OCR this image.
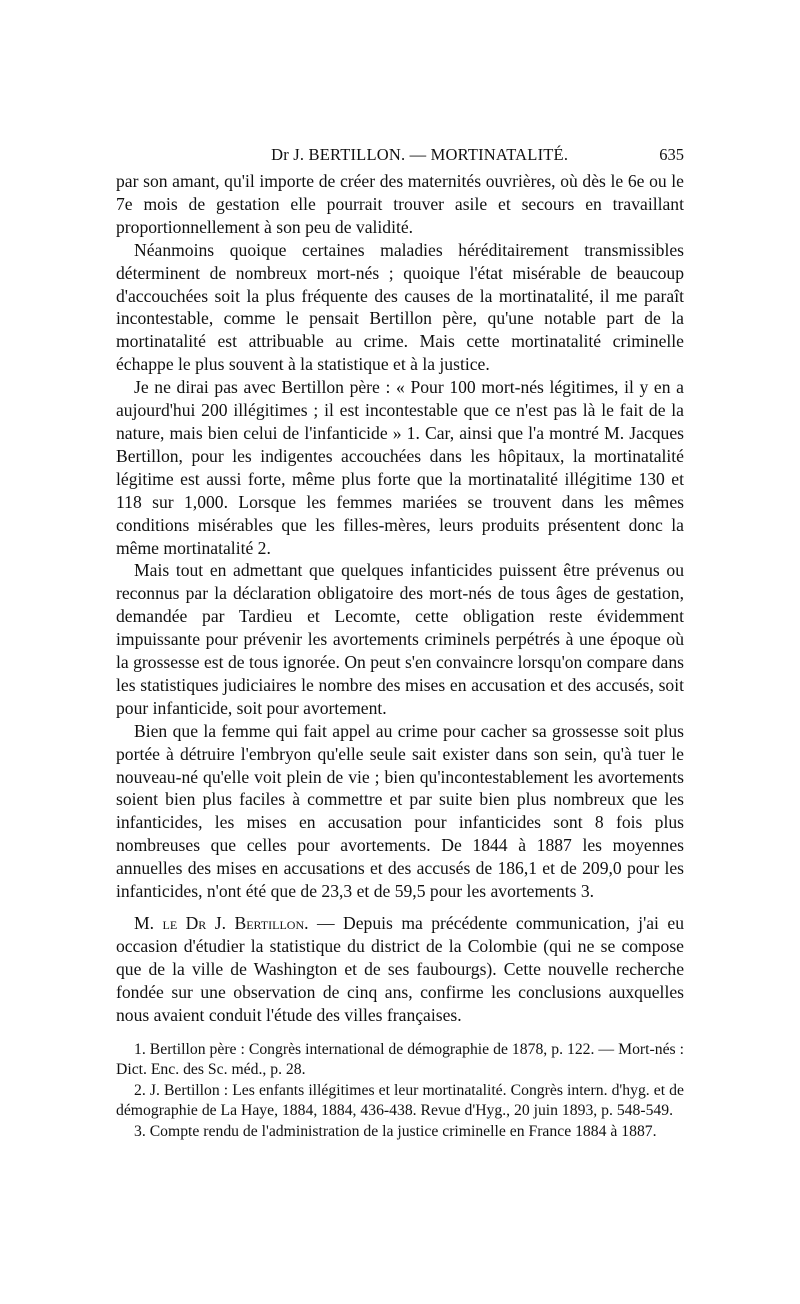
Dr J. BERTILLON. — MORTINATALITÉ.	635

par son amant, qu'il importe de créer des maternités ouvrières, où dès le 6e ou le 7e mois de gestation elle pourrait trouver asile et secours en travaillant proportionnellement à son peu de validité.

Néanmoins quoique certaines maladies héréditairement transmissibles déterminent de nombreux mort-nés ; quoique l'état misérable de beaucoup d'accouchées soit la plus fréquente des causes de la mortinatalité, il me paraît incontestable, comme le pensait Bertillon père, qu'une notable part de la mortinatalité est attribuable au crime. Mais cette mortinatalité criminelle échappe le plus souvent à la statistique et à la justice.

Je ne dirai pas avec Bertillon père : « Pour 100 mort-nés légitimes, il y en a aujourd'hui 200 illégitimes ; il est incontestable que ce n'est pas là le fait de la nature, mais bien celui de l'infanticide » 1. Car, ainsi que l'a montré M. Jacques Bertillon, pour les indigentes accouchées dans les hôpitaux, la mortinatalité légitime est aussi forte, même plus forte que la mortinatalité illégitime 130 et 118 sur 1,000. Lorsque les femmes mariées se trouvent dans les mêmes conditions misérables que les filles-mères, leurs produits présentent donc la même mortinatalité 2.

Mais tout en admettant que quelques infanticides puissent être prévenus ou reconnus par la déclaration obligatoire des mort-nés de tous âges de gestation, demandée par Tardieu et Lecomte, cette obligation reste évidemment impuissante pour prévenir les avortements criminels perpétrés à une époque où la grossesse est de tous ignorée. On peut s'en convaincre lorsqu'on compare dans les statistiques judiciaires le nombre des mises en accusation et des accusés, soit pour infanticide, soit pour avortement.

Bien que la femme qui fait appel au crime pour cacher sa grossesse soit plus portée à détruire l'embryon qu'elle seule sait exister dans son sein, qu'à tuer le nouveau-né qu'elle voit plein de vie ; bien qu'incontestablement les avortements soient bien plus faciles à commettre et par suite bien plus nombreux que les infanticides, les mises en accusation pour infanticides sont 8 fois plus nombreuses que celles pour avortements. De 1844 à 1887 les moyennes annuelles des mises en accusations et des accusés de 186,1 et de 209,0 pour les infanticides, n'ont été que de 23,3 et de 59,5 pour les avortements 3.

M. le Dr J. Bertillon. — Depuis ma précédente communication, j'ai eu occasion d'étudier la statistique du district de la Colombie (qui ne se compose que de la ville de Washington et de ses faubourgs). Cette nouvelle recherche fondée sur une observation de cinq ans, confirme les conclusions auxquelles nous avaient conduit l'étude des villes françaises.

1. Bertillon père : Congrès international de démographie de 1878, p. 122. — Mort-nés : Dict. Enc. des Sc. méd., p. 28.

2. J. Bertillon : Les enfants illégitimes et leur mortinatalité. Congrès intern. d'hyg. et de démographie de La Haye, 1884, 1884, 436-438. Revue d'Hyg., 20 juin 1893, p. 548-549.

3. Compte rendu de l'administration de la justice criminelle en France 1884 à 1887.
